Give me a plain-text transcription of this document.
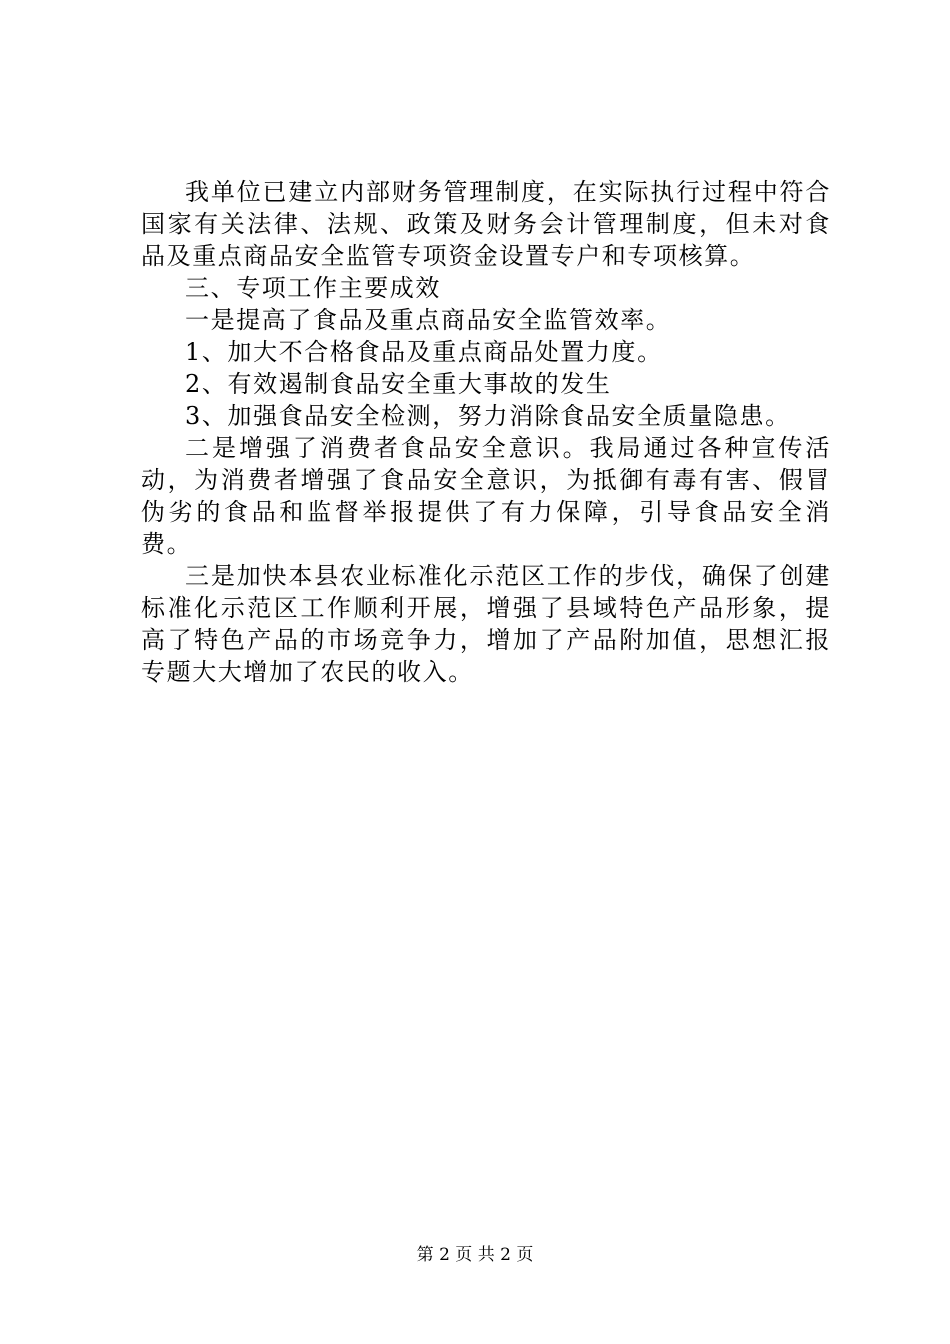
我单位已建立内部财务管理制度，在实际执行过程中符合国家有关法律、法规、政策及财务会计管理制度，但未对食品及重点商品安全监管专项资金设置专户和专项核算。

三、专项工作主要成效

一是提高了食品及重点商品安全监管效率。

1、加大不合格食品及重点商品处置力度。

2、有效遏制食品安全重大事故的发生

3、加强食品安全检测，努力消除食品安全质量隐患。

二是增强了消费者食品安全意识。我局通过各种宣传活动，为消费者增强了食品安全意识，为抵御有毒有害、假冒伪劣的食品和监督举报提供了有力保障，引导食品安全消费。

三是加快本县农业标准化示范区工作的步伐，确保了创建标准化示范区工作顺利开展，增强了县域特色产品形象，提高了特色产品的市场竞争力，增加了产品附加值，思想汇报专题大大增加了农民的收入。

第 2 页 共 2 页
